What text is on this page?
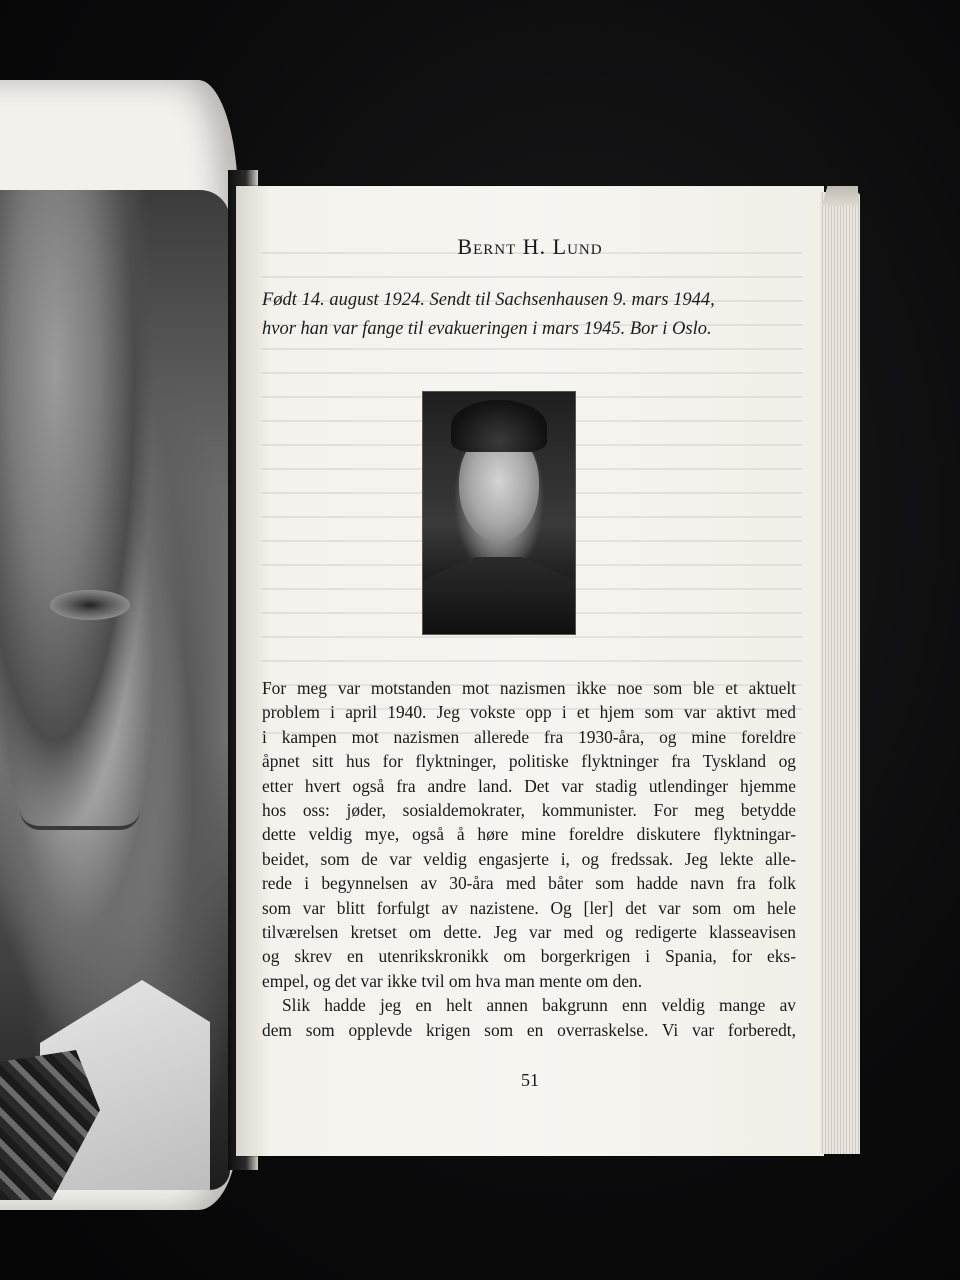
Bernt H. Lund
Født 14. august 1924. Sendt til Sachsenhausen 9. mars 1944,
hvor han var fange til evakueringen i mars 1945. Bor i Oslo.
For meg var motstanden mot nazismen ikke noe som ble et aktuelt
problem i april 1940. Jeg vokste opp i et hjem som var aktivt med
i kampen mot nazismen allerede fra 1930-åra, og mine foreldre
åpnet sitt hus for flyktninger, politiske flyktninger fra Tyskland og
etter hvert også fra andre land. Det var stadig utlendinger hjemme
hos oss: jøder, sosialdemokrater, kommunister. For meg betydde
dette veldig mye, også å høre mine foreldre diskutere flyktningar-
beidet, som de var veldig engasjerte i, og fredssak. Jeg lekte alle-
rede i begynnelsen av 30-åra med båter som hadde navn fra folk
som var blitt forfulgt av nazistene. Og [ler] det var som om hele
tilværelsen kretset om dette. Jeg var med og redigerte klasseavisen
og skrev en utenrikskronikk om borgerkrigen i Spania, for eks-
empel, og det var ikke tvil om hva man mente om den.
Slik hadde jeg en helt annen bakgrunn enn veldig mange av
dem som opplevde krigen som en overraskelse. Vi var forberedt,
51
